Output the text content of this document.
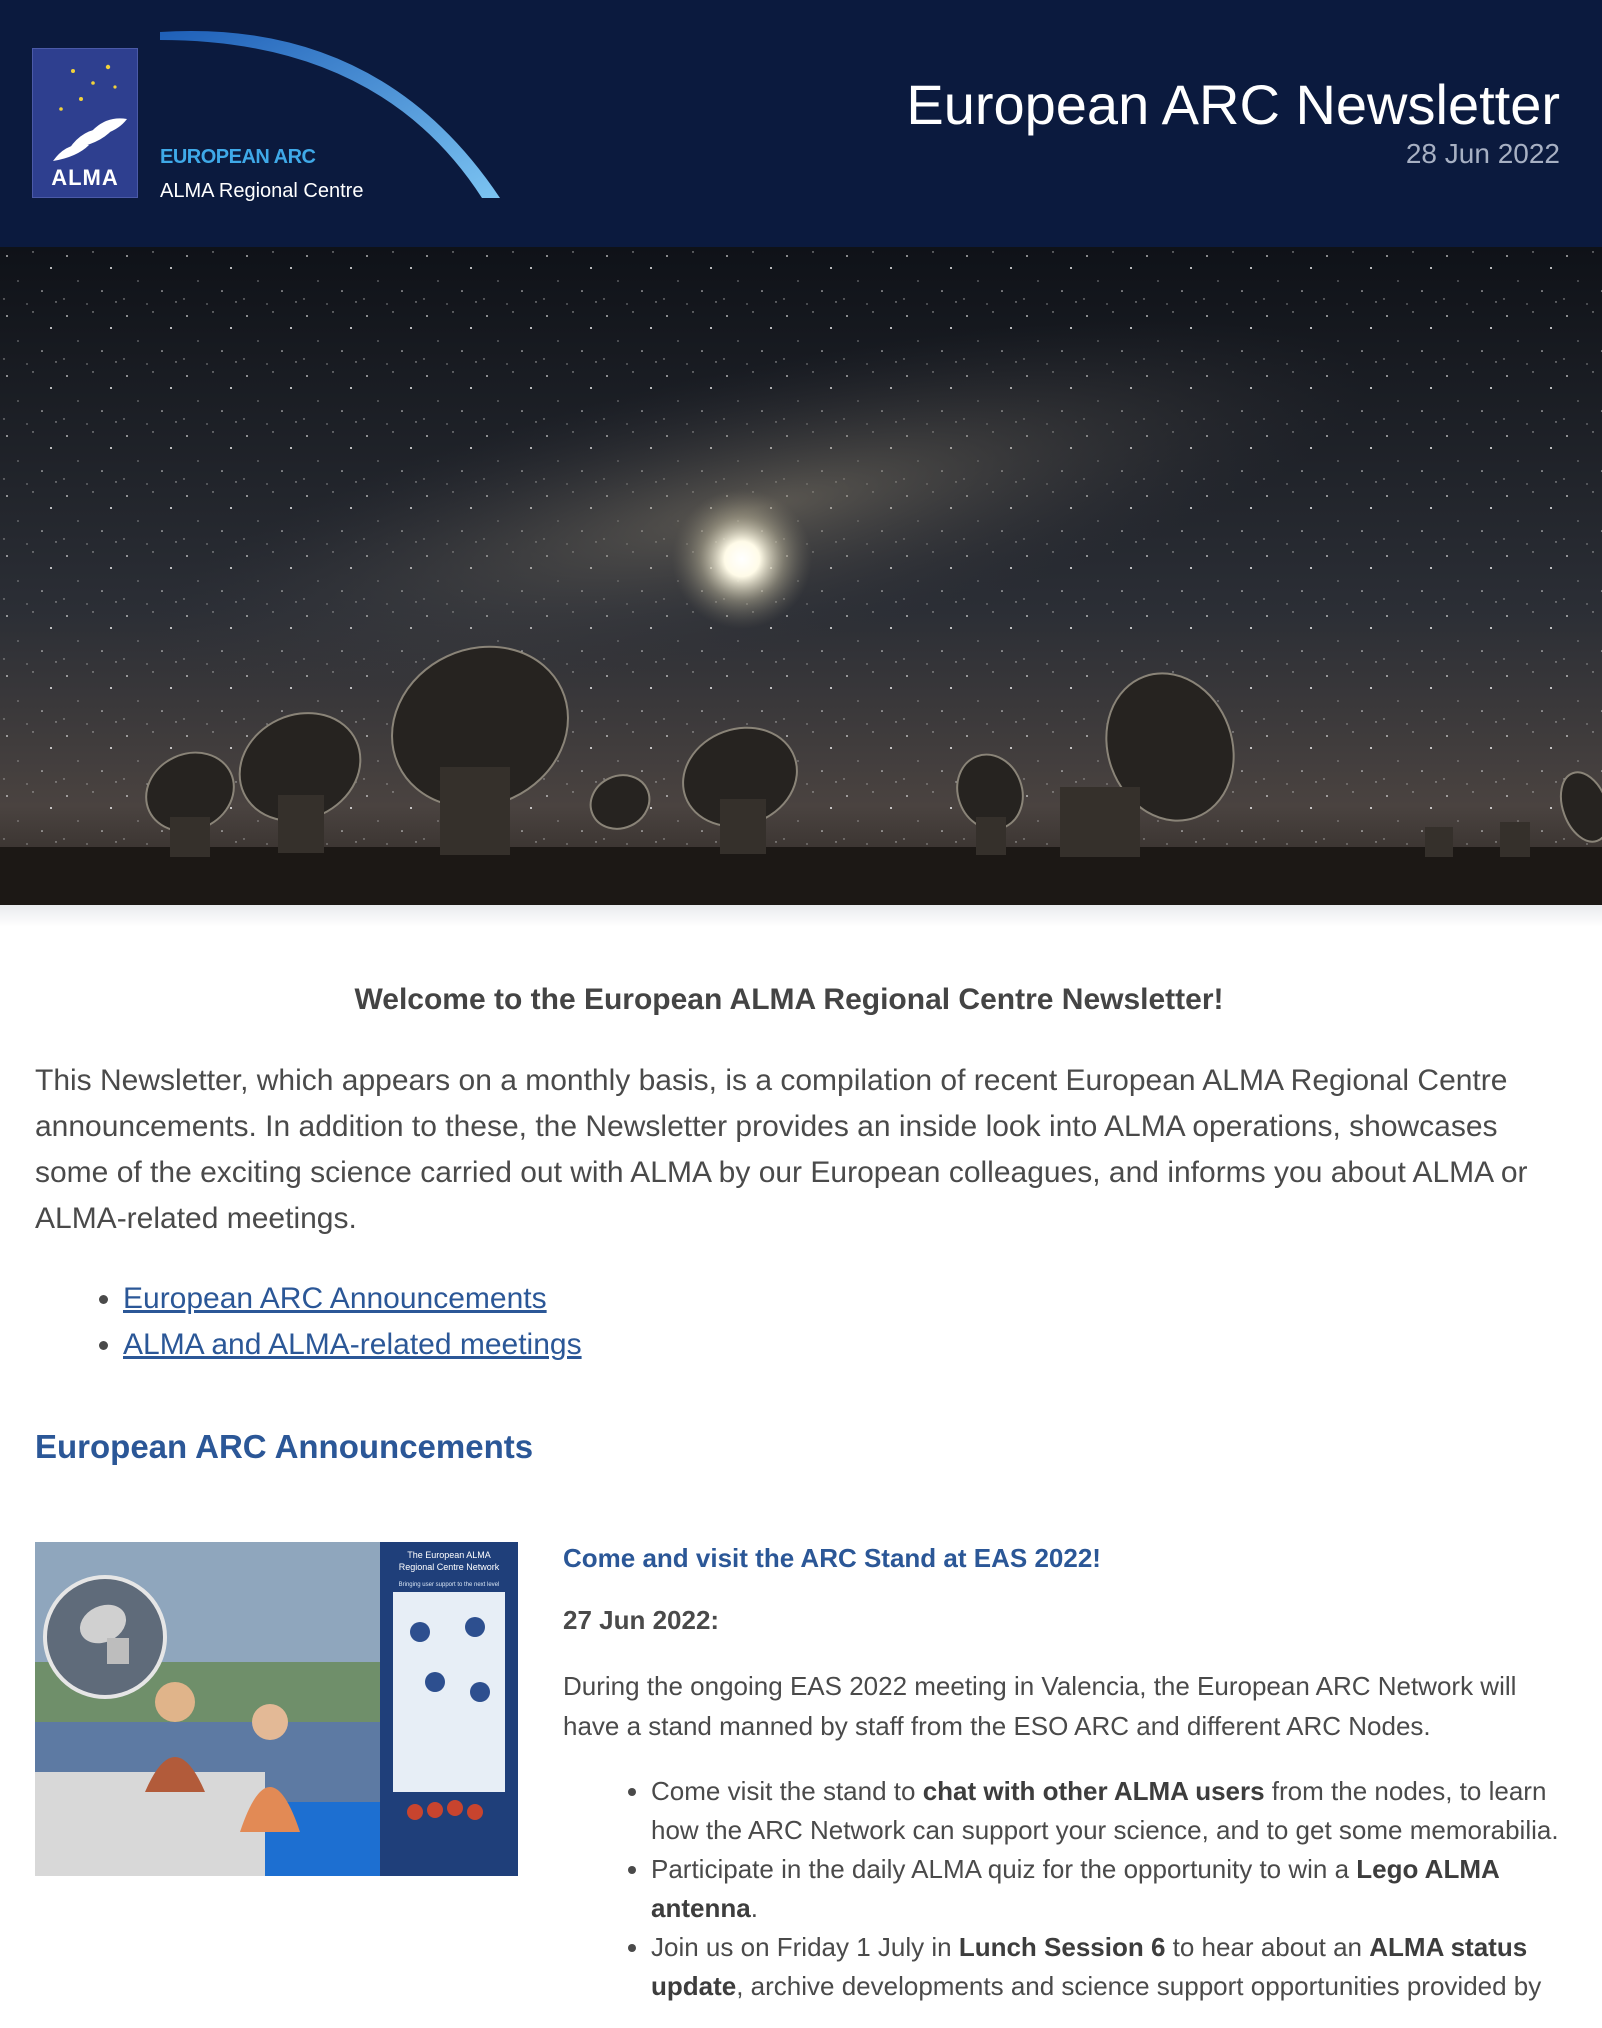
ALMA
EUROPEAN ARC
ALMA Regional Centre
European ARC Newsletter
28 Jun 2022
Welcome to the European ALMA Regional Centre Newsletter!

This Newsletter, which appears on a monthly basis, is a compilation of recent European ALMA Regional Centre announcements. In addition to these, the Newsletter provides an inside look into ALMA operations, showcases some of the exciting science carried out with ALMA by our European colleagues, and informs you about ALMA or ALMA-related meetings.

• European ARC Announcements
• ALMA and ALMA-related meetings
European ARC Announcements
The European ALMA
Regional Centre Network
Bringing user support to the next level
Come and visit the ARC Stand at EAS 2022!

27 Jun 2022:

During the ongoing EAS 2022 meeting in Valencia, the European ARC Network will have a stand manned by staff from the ESO ARC and different ARC Nodes.

• Come visit the stand to chat with other ALMA users from the nodes, to learn how the ARC Network can support your science, and to get some memorabilia.
• Participate in the daily ALMA quiz for the opportunity to win a Lego ALMA antenna.
• Join us on Friday 1 July in Lunch Session 6 to hear about an ALMA status update, archive developments and science support opportunities provided by
